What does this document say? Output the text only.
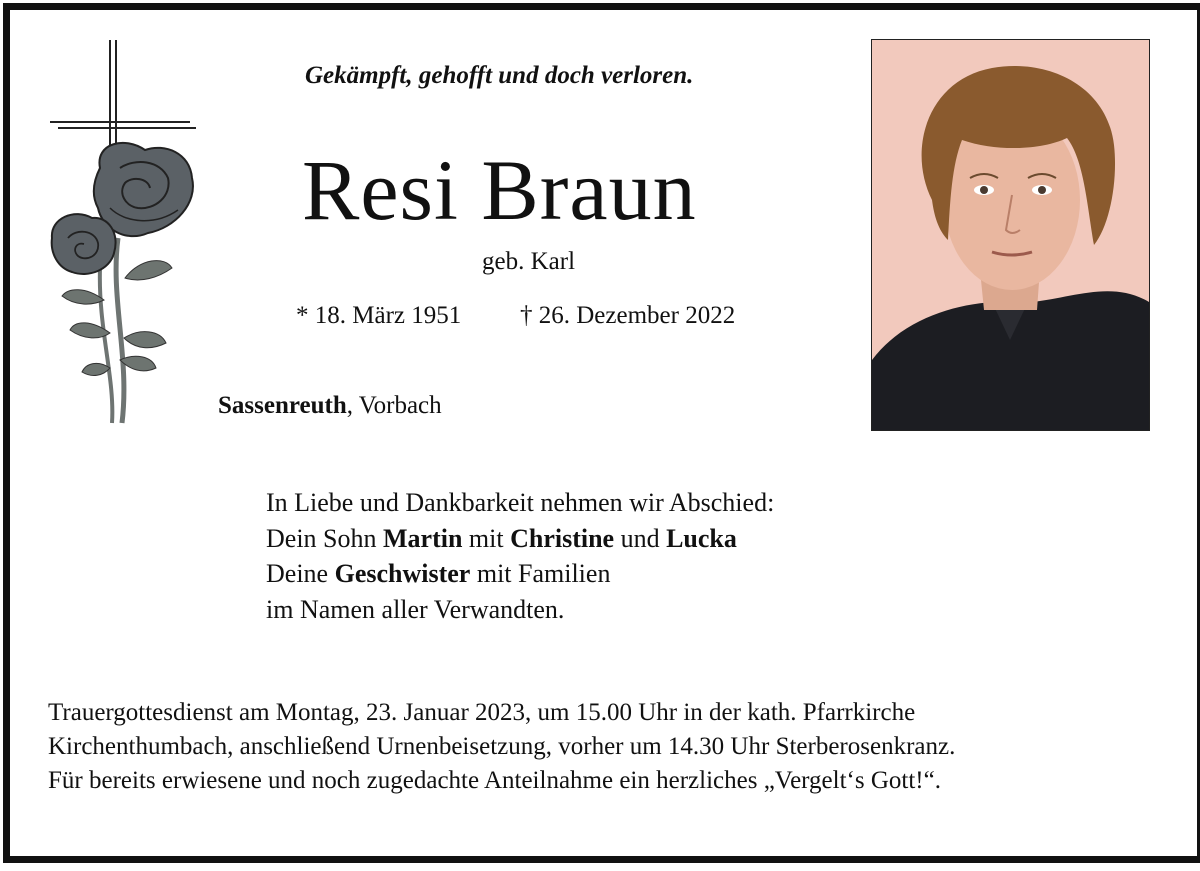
Gekämpft, gehofft und doch verloren.
Resi Braun
geb. Karl
* 18. März 1951 † 26. Dezember 2022
Sassenreuth, Vorbach
In Liebe und Dankbarkeit nehmen wir Abschied:
Dein Sohn Martin mit Christine und Lucka
Deine Geschwister mit Familien
im Namen aller Verwandten.
Trauergottesdienst am Montag, 23. Januar 2023, um 15.00 Uhr in der kath. Pfarrkirche
Kirchenthumbach, anschließend Urnenbeisetzung, vorher um 14.30 Uhr Sterberosenkranz.
Für bereits erwiesene und noch zugedachte Anteilnahme ein herzliches „Vergelt‘s Gott!“.
